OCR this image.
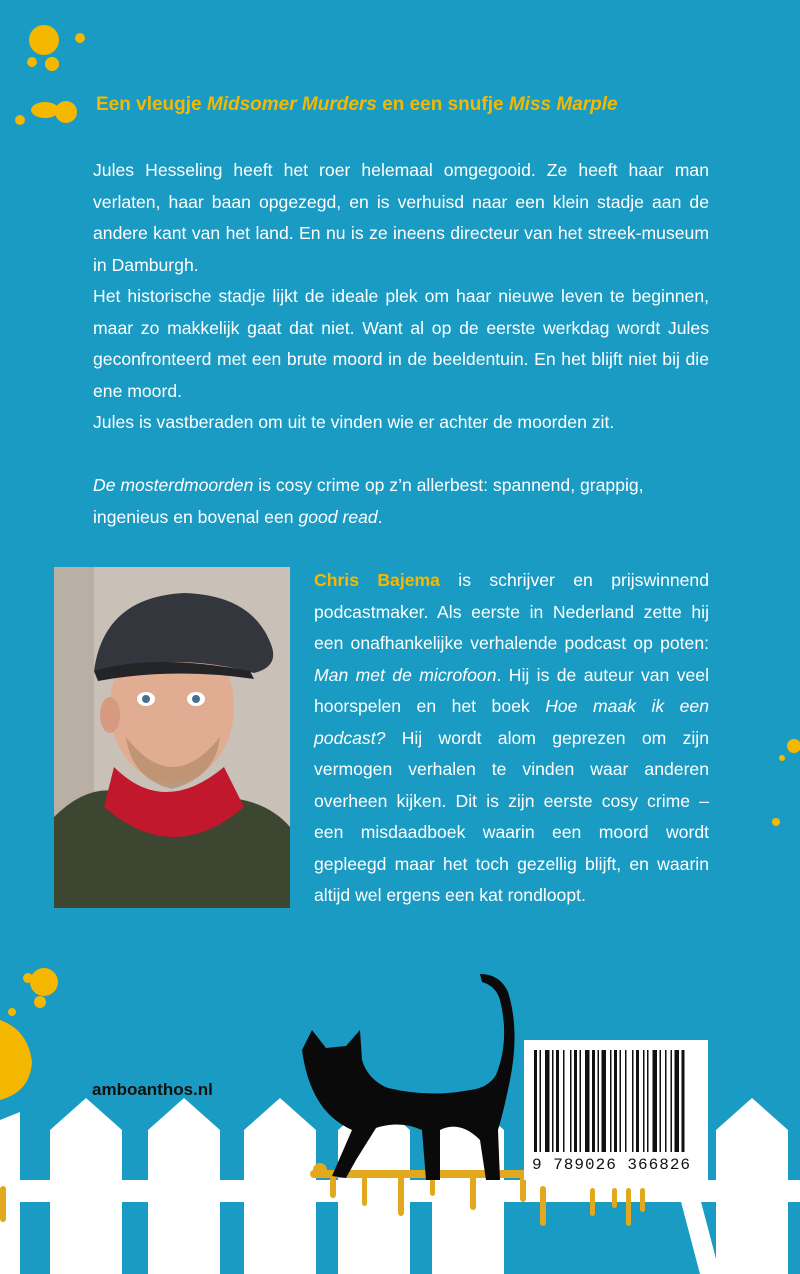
Een vleugje Midsomer Murders en een snufje Miss Marple

Jules Hesseling heeft het roer helemaal omgegooid. Ze heeft haar man verlaten, haar baan opgezegd, en is verhuisd naar een klein stadje aan de andere kant van het land. En nu is ze ineens directeur van het streek-museum in Damburgh.

Het historische stadje lijkt de ideale plek om haar nieuwe leven te beginnen, maar zo makkelijk gaat dat niet. Want al op de eerste werkdag wordt Jules geconfronteerd met een brute moord in de beeldentuin. En het blijft niet bij die ene moord.

Jules is vastberaden om uit te vinden wie er achter de moorden zit.

De mosterdmoorden is cosy crime op z’n allerbest: spannend, grappig, ingenieus en bovenal een good read.

Chris Bajema is schrijver en prijswinnend podcastmaker. Als eerste in Nederland zette hij een onafhankelijke verhalende podcast op poten: Man met de microfoon. Hij is de auteur van veel hoorspelen en het boek Hoe maak ik een podcast? Hij wordt alom geprezen om zijn vermogen verhalen te vinden waar anderen overheen kijken. Dit is zijn eerste cosy crime – een misdaadboek waarin een moord wordt gepleegd maar het toch gezellig blijft, en waarin altijd wel ergens een kat rondloopt.
amboanthos.nl
9 789026 366826
